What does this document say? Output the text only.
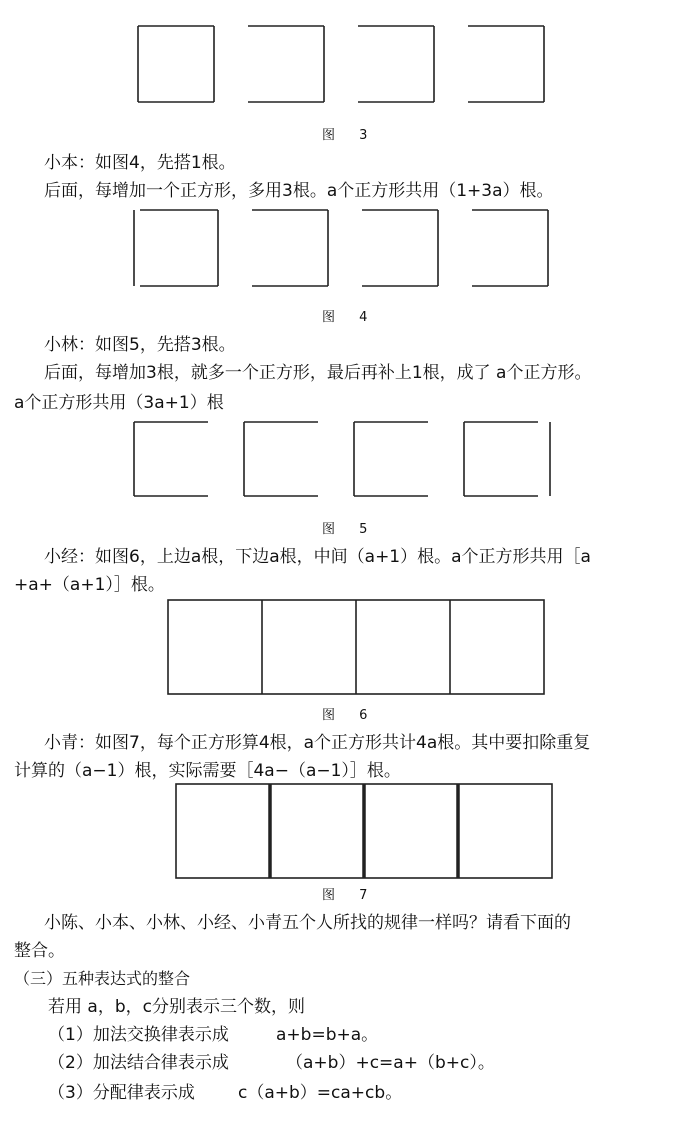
图 3
小本：如图4，先搭1根。
后面，每增加一个正方形，多用3根。a个正方形共用（1+3a）根。
图 4
小林：如图5，先搭3根。
后面，每增加3根，就多一个正方形，最后再补上1根，成了 a个正方形。
a个正方形共用（3a+1）根
图 5
小经：如图6，上边a根，下边a根，中间（a+1）根。a个正方形共用［a
+a+（a+1）］根。
图 6
小青：如图7，每个正方形算4根，a个正方形共计4a根。其中要扣除重复
计算的（a−1）根，实际需要［4a−（a−1）］根。
图 7
小陈、小本、小林、小经、小青五个人所找的规律一样吗？请看下面的
整合。
（三）五种表达式的整合
若用 a，b，c分别表示三个数，则
（1）加法交换律表示成	a+b=b+a。
（2）加法结合律表示成	（a+b）+c=a+（b+c）。
（3）分配律表示成	c（a+b）=ca+cb。
